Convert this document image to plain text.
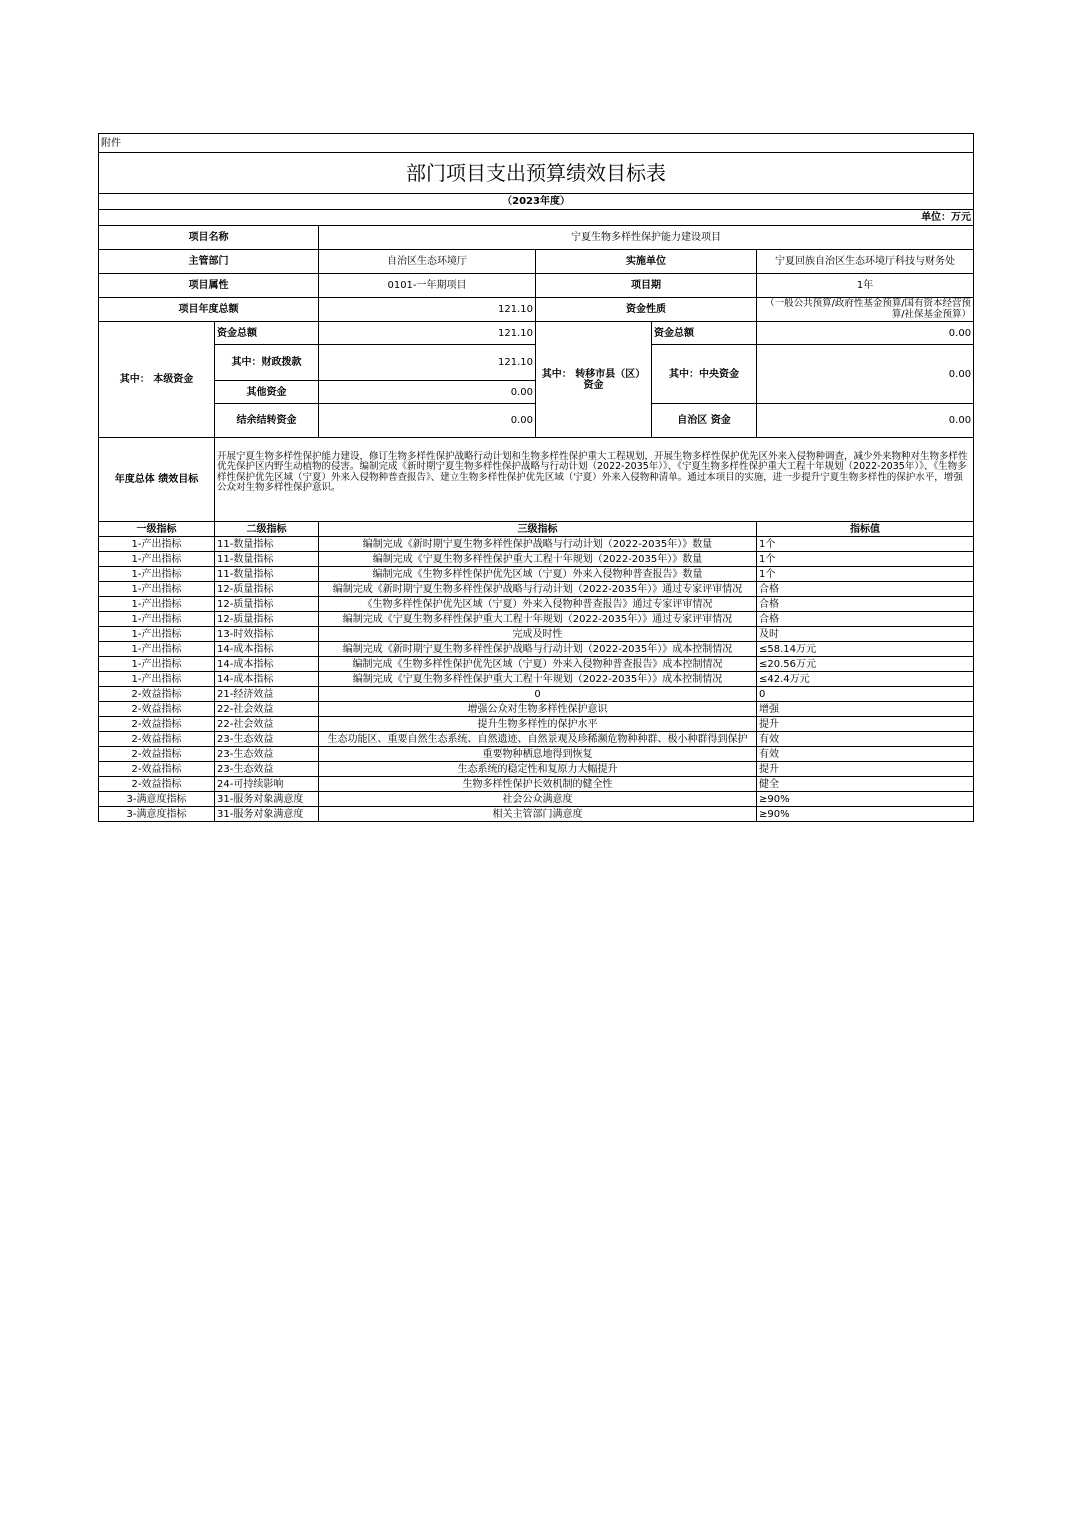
附件					
部门项目支出预算绩效目标表					
（2023年度）					
单位：万元					
项目名称		宁夏生物多样性保护能力建设项目			
主管部门		自治区生态环境厅	实施单位		宁夏回族自治区生态环境厅科技与财务处
项目属性		0101-一年期项目	项目期		1年
项目年度总额		121.10	资金性质		（一般公共预算/政府性基金预算/国有资本经营预算/社保基金预算）
其中： 本级资金	资金总额	121.10	其中： 转移市县（区）资金	资金总额	0.00
	其中：财政拨款	121.10		其中：中央资金	0.00
	其他资金	0.00			
	结余结转资金	0.00		自治区 资金	0.00
年度总体 绩效目标	开展宁夏生物多样性保护能力建设，修订生物多样性保护战略行动计划和生物多样性保护重大工程规划，开展生物多样性保护优先区外来入侵物种调查，减少外来物种对生物多样性优先保护区内野生动植物的侵害。编制完成《新时期宁夏生物多样性保护战略与行动计划（2022-2035年）》、《宁夏生物多样性保护重大工程十年规划（2022-2035年）》、《生物多样性保护优先区域（宁夏）外来入侵物种普查报告》、建立生物多样性保护优先区域（宁夏）外来入侵物种清单。通过本项目的实施，进一步提升宁夏生物多样性的保护水平，增强公众对生物多样性保护意识。				
一级指标	二级指标	三级指标			指标值
1-产出指标	11-数量指标	编制完成《新时期宁夏生物多样性保护战略与行动计划（2022-2035年）》数量			1个
1-产出指标	11-数量指标	编制完成《宁夏生物多样性保护重大工程十年规划（2022-2035年）》数量			1个
1-产出指标	11-数量指标	编制完成《生物多样性保护优先区域（宁夏）外来入侵物种普查报告》数量			1个
1-产出指标	12-质量指标	编制完成《新时期宁夏生物多样性保护战略与行动计划（2022-2035年）》通过专家评审情况			合格
1-产出指标	12-质量指标	《生物多样性保护优先区域（宁夏）外来入侵物种普查报告》通过专家评审情况			合格
1-产出指标	12-质量指标	编制完成《宁夏生物多样性保护重大工程十年规划（2022-2035年）》通过专家评审情况			合格
1-产出指标	13-时效指标	完成及时性			及时
1-产出指标	14-成本指标	编制完成《新时期宁夏生物多样性保护战略与行动计划（2022-2035年）》成本控制情况			≤58.14万元
1-产出指标	14-成本指标	编制完成《生物多样性保护优先区域（宁夏）外来入侵物种普查报告》成本控制情况			≤20.56万元
1-产出指标	14-成本指标	编制完成《宁夏生物多样性保护重大工程十年规划（2022-2035年）》成本控制情况			≤42.4万元
2-效益指标	21-经济效益	0			0
2-效益指标	22-社会效益	增强公众对生物多样性保护意识			增强
2-效益指标	22-社会效益	提升生物多样性的保护水平			提升
2-效益指标	23-生态效益	生态功能区、重要自然生态系统、自然遗迹、自然景观及珍稀濒危物种种群、极小种群得到保护			有效
2-效益指标	23-生态效益	重要物种栖息地得到恢复			有效
2-效益指标	23-生态效益	生态系统的稳定性和复原力大幅提升			提升
2-效益指标	24-可持续影响	生物多样性保护长效机制的健全性			健全
3-满意度指标	31-服务对象满意度	社会公众满意度			≥90%
3-满意度指标	31-服务对象满意度	相关主管部门满意度			≥90%
